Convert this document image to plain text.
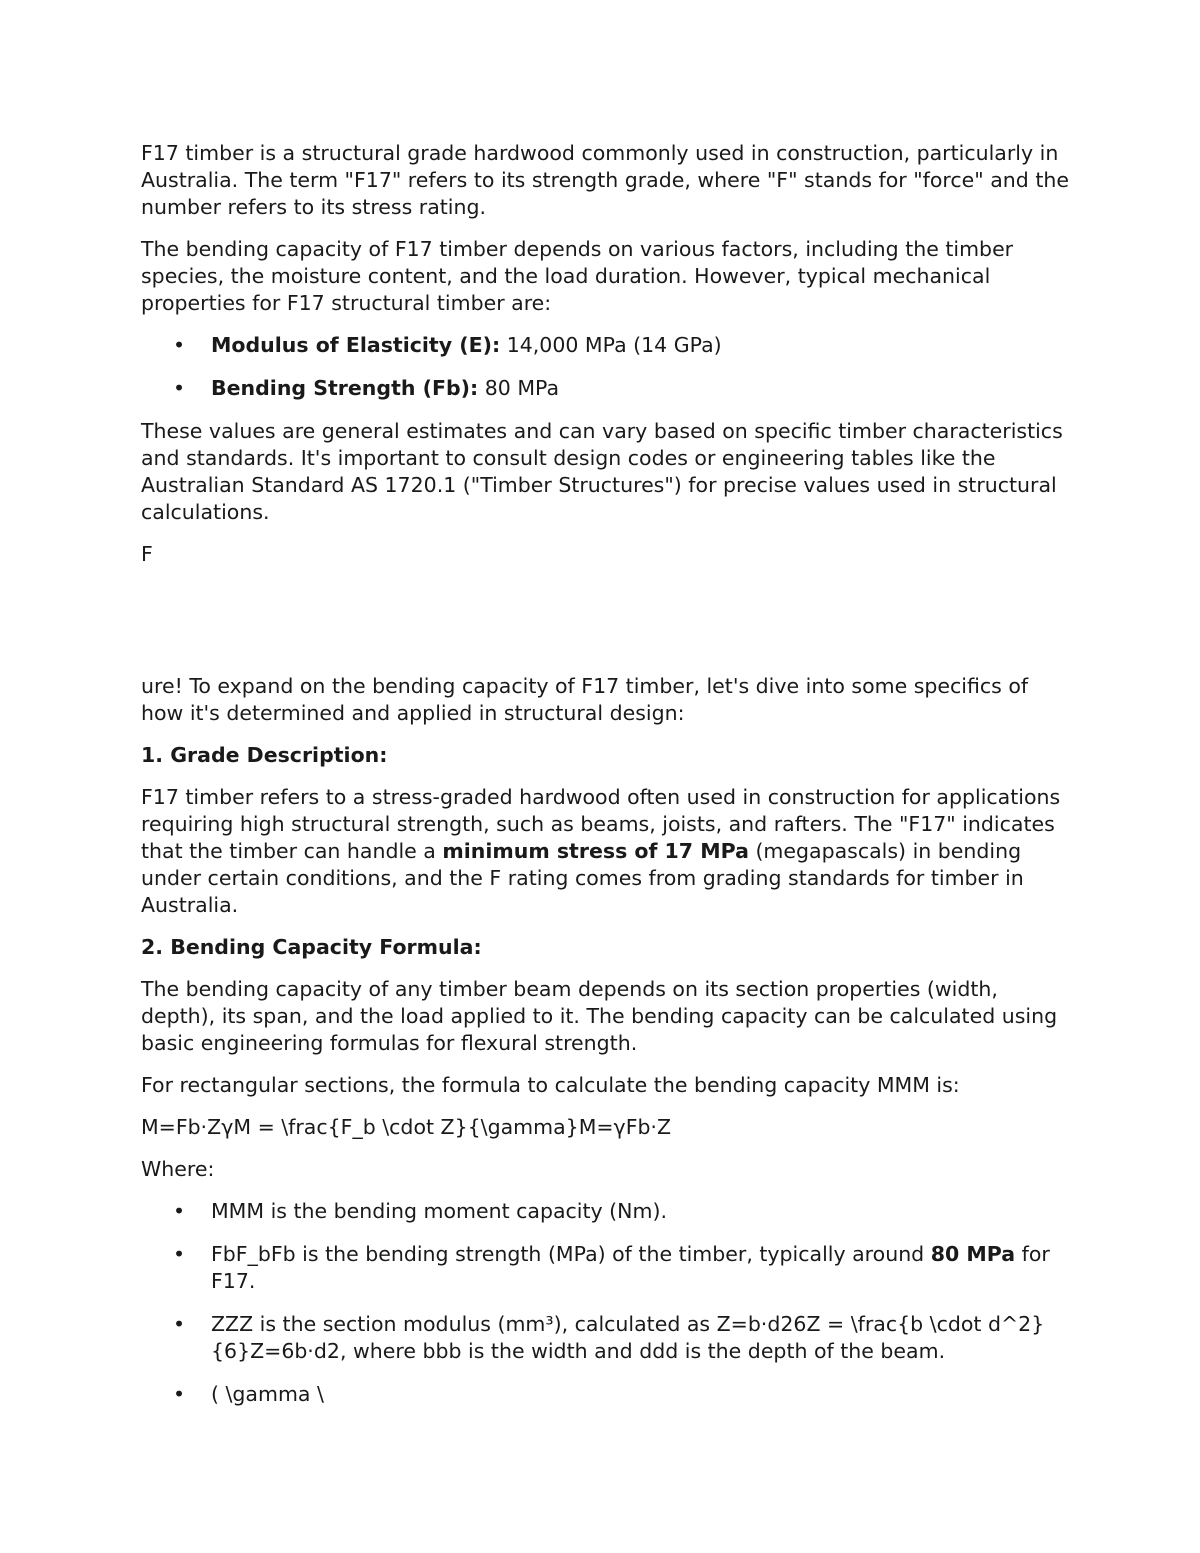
F17 timber is a structural grade hardwood commonly used in construction, particularly in Australia. The term "F17" refers to its strength grade, where "F" stands for "force" and the number refers to its stress rating.

The bending capacity of F17 timber depends on various factors, including the timber species, the moisture content, and the load duration. However, typical mechanical properties for F17 structural timber are:

• Modulus of Elasticity (E): 14,000 MPa (14 GPa)
• Bending Strength (Fb): 80 MPa

These values are general estimates and can vary based on specific timber characteristics and standards. It's important to consult design codes or engineering tables like the Australian Standard AS 1720.1 ("Timber Structures") for precise values used in structural calculations.

F

ure! To expand on the bending capacity of F17 timber, let's dive into some specifics of how it's determined and applied in structural design:

1. Grade Description:

F17 timber refers to a stress-graded hardwood often used in construction for applications requiring high structural strength, such as beams, joists, and rafters. The "F17" indicates that the timber can handle a minimum stress of 17 MPa (megapascals) in bending under certain conditions, and the F rating comes from grading standards for timber in Australia.

2. Bending Capacity Formula:

The bending capacity of any timber beam depends on its section properties (width, depth), its span, and the load applied to it. The bending capacity can be calculated using basic engineering formulas for flexural strength.

For rectangular sections, the formula to calculate the bending capacity MMM is:

M=Fb⋅ZγM = \frac{F_b \cdot Z}{\gamma}M=γFb⋅Z

Where:

• MMM is the bending moment capacity (Nm).
• FbF_bFb is the bending strength (MPa) of the timber, typically around 80 MPa for F17.
• ZZZ is the section modulus (mm³), calculated as Z=b⋅d26Z = \frac{b \cdot d^2}{6}Z=6b⋅d2, where bbb is the width and ddd is the depth of the beam.
• ( \gamma \
